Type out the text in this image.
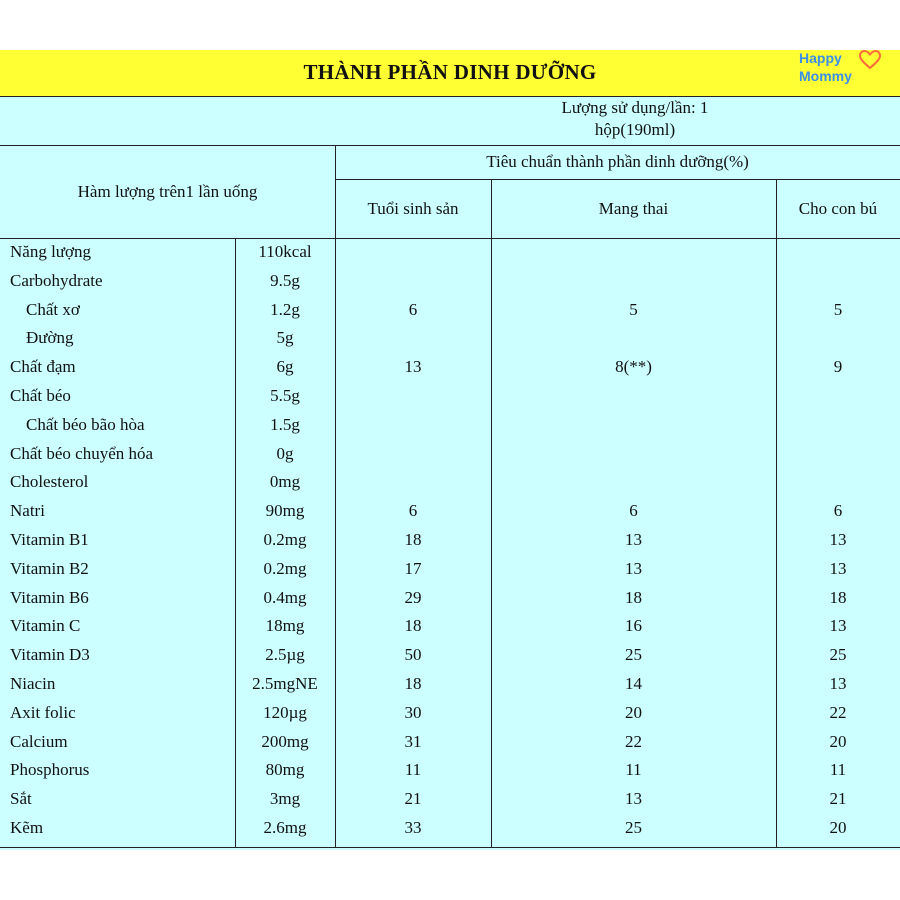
THÀNH PHẦN DINH DƯỠNG
Happy
Mommy
Lượng sử dụng/lần: 1
hộp(190ml)
Hàm lượng trên1 lần uống
Tiêu chuẩn thành phần dinh dưỡng(%)
Tuổi sinh sản	Mang thai	Cho con bú
Năng lượng	110kcal
Carbohydrate	9.5g
Chất xơ	1.2g	6	5	5
Đường	5g
Chất đạm	6g	13	8(**)	9
Chất béo	5.5g
Chất béo bão hòa	1.5g
Chất béo chuyển hóa	0g
Cholesterol	0mg
Natri	90mg	6	6	6
Vitamin B1	0.2mg	18	13	13
Vitamin B2	0.2mg	17	13	13
Vitamin B6	0.4mg	29	18	18
Vitamin C	18mg	18	16	13
Vitamin D3	2.5µg	50	25	25
Niacin	2.5mgNE	18	14	13
Axit folic	120µg	30	20	22
Calcium	200mg	31	22	20
Phosphorus	80mg	11	11	11
Sắt	3mg	21	13	21
Kẽm	2.6mg	33	25	20
